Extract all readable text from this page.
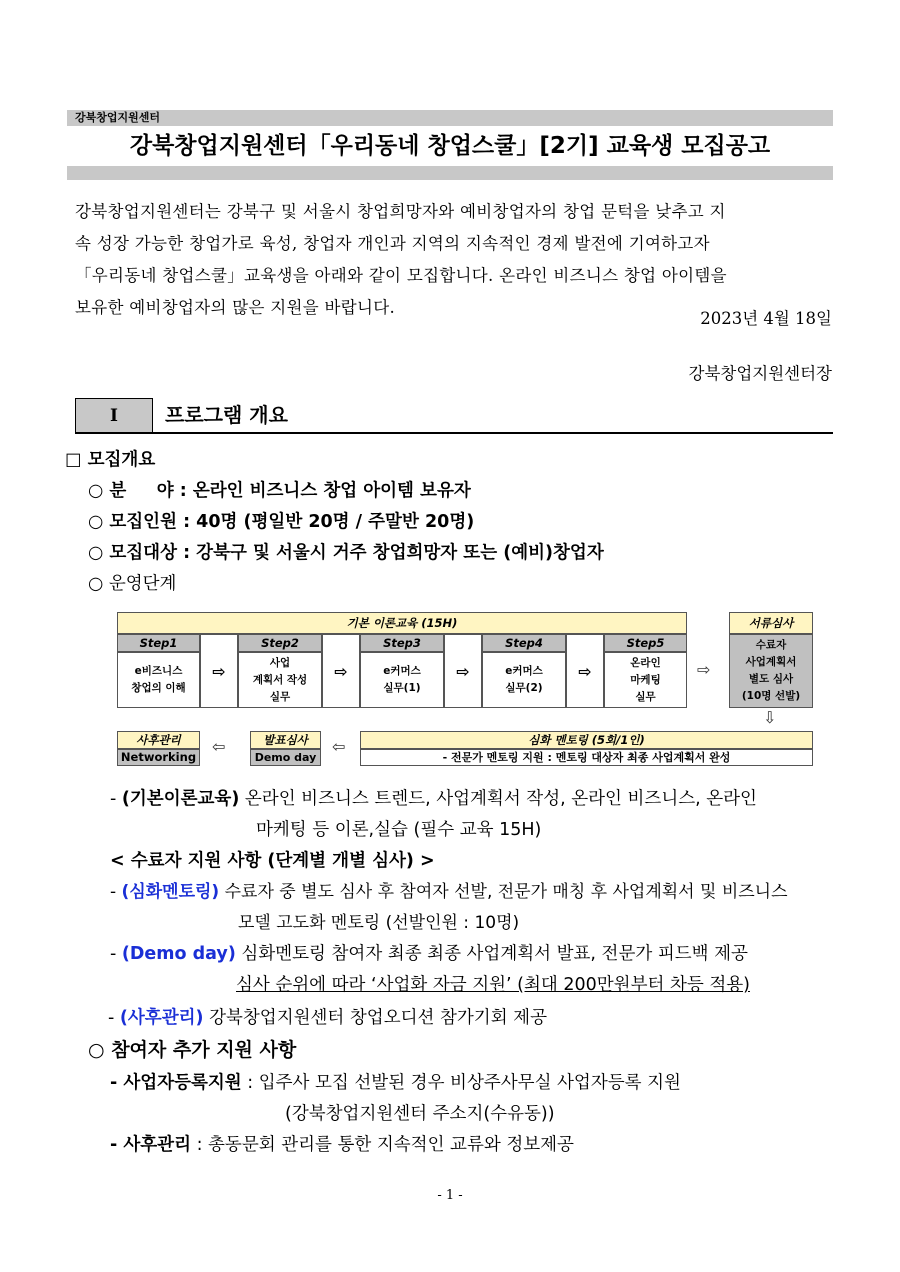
강북창업지원센터
강북창업지원센터「우리동네 창업스쿨」[2기] 교육생 모집공고

강북창업지원센터는 강북구 및 서울시 창업희망자와 예비창업자의 창업 문턱을 낮추고 지

속 성장 가능한 창업가로 육성, 창업자 개인과 지역의 지속적인 경제 발전에 기여하고자

「우리동네 창업스쿨」교육생을 아래와 같이 모집합니다. 온라인 비즈니스 창업 아이템을

보유한 예비창업자의 많은 지원을 바랍니다.

2023년 4월 18일
강북창업지원센터장
I	프로그램 개요
□ 모집개요
○ 분     야 : 온라인 비즈니스 창업 아이템 보유자
○ 모집인원 : 40명 (평일반 20명 / 주말반 20명)
○ 모집대상 : 강북구 및 서울시 거주 창업희망자 또는 (예비)창업자
○ 운영단계
기본 이론교육 (15H)
Step1
e비즈니스
창업의 이해
⇨
Step2
사업
계획서 작성
실무
⇨
Step3
e커머스
실무(1)
⇨
Step4
e커머스
실무(2)
⇨
Step5
온라인
마케팅
실무
⇨
서류심사
수료자
사업계획서
별도 심사
(10명 선발)
⇩
사후관리
Networking
⇦	발표심사
Demo day
⇦	심화 멘토링 (5회/1인)
- 전문가 멘토링 지원 : 멘토링 대상자 최종 사업계획서 완성
- (기본이론교육) 온라인 비즈니스 트렌드, 사업계획서 작성, 온라인 비즈니스, 온라인
마케팅 등 이론,실습 (필수 교육 15H)
< 수료자 지원 사항 (단계별 개별 심사) >
- (심화멘토링) 수료자 중 별도 심사 후 참여자 선발, 전문가 매칭 후 사업계획서 및 비즈니스
모델 고도화 멘토링 (선발인원 : 10명)
- (Demo day) 심화멘토링 참여자 최종 최종 사업계획서 발표, 전문가 피드백 제공
심사 순위에 따라 ‘사업화 자금 지원’ (최대 200만원부터 차등 적용)
- (사후관리) 강북창업지원센터 창업오디션 참가기회 제공
○ 참여자 추가 지원 사항
- 사업자등록지원 : 입주사 모집 선발된 경우 비상주사무실 사업자등록 지원
(강북창업지원센터 주소지(수유동))
- 사후관리 : 총동문회 관리를 통한 지속적인 교류와 정보제공
- 1 -
